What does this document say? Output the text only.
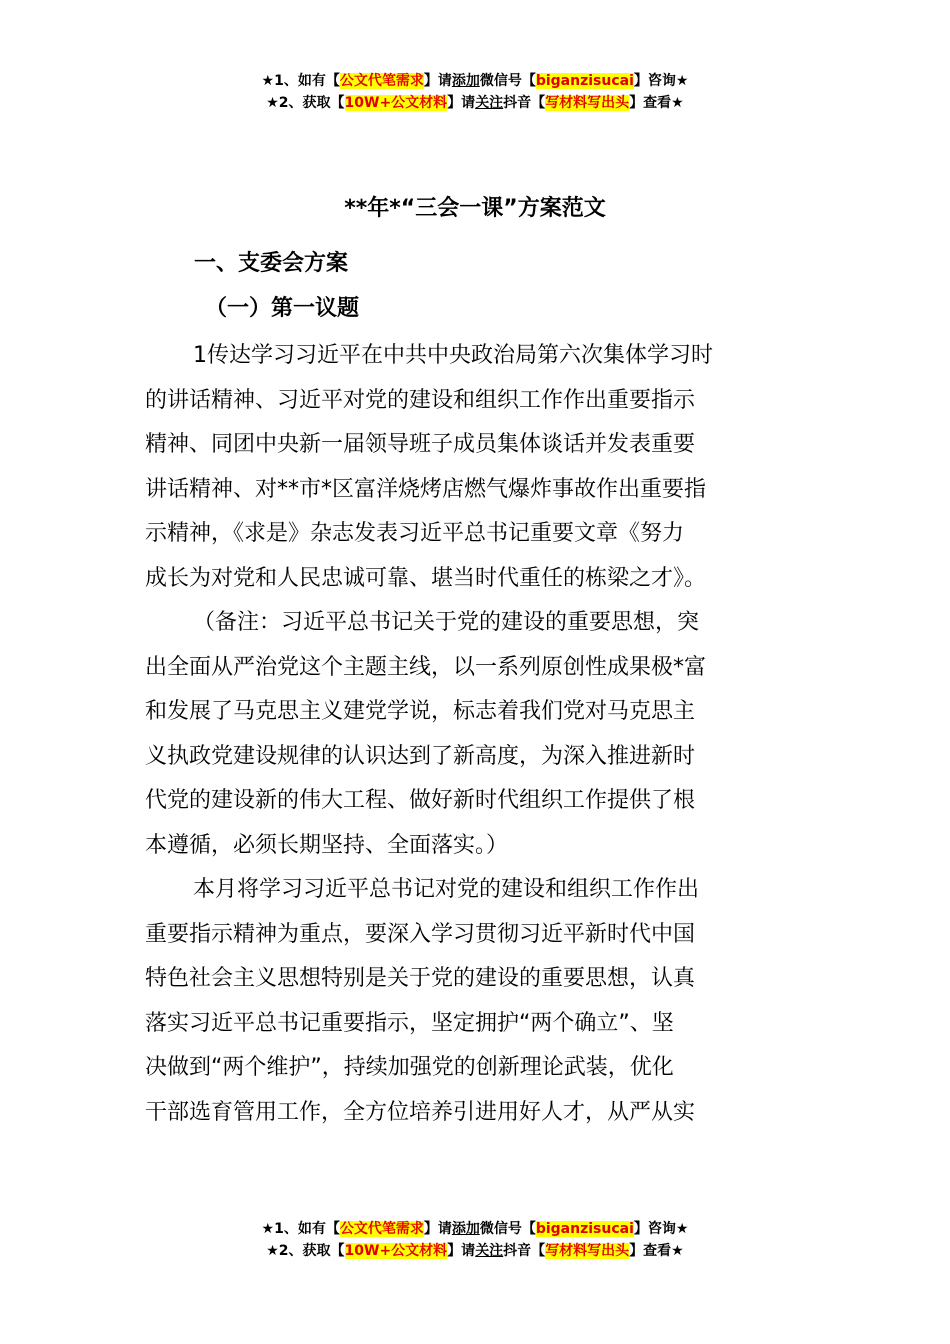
★1、如有【公文代笔需求】请添加微信号【biganzisucai】咨询★
★2、获取【10W+公文材料】请关注抖音【写材料写出头】查看★
**年*“三会一课”方案范文
一、支委会方案
（一）第一议题
1传达学习习近平在中共中央政治局第六次集体学习时
的讲话精神、习近平对党的建设和组织工作作出重要指示
精神、同团中央新一届领导班子成员集体谈话并发表重要
讲话精神、对**市*区富洋烧烤店燃气爆炸事故作出重要指
示精神，《求是》杂志发表习近平总书记重要文章《努力
成长为对党和人民忠诚可靠、堪当时代重任的栋梁之才》。
（备注：习近平总书记关于党的建设的重要思想，突
出全面从严治党这个主题主线，以一系列原创性成果极*富
和发展了马克思主义建党学说，标志着我们党对马克思主
义执政党建设规律的认识达到了新高度，为深入推进新时
代党的建设新的伟大工程、做好新时代组织工作提供了根
本遵循，必须长期坚持、全面落实。）
本月将学习习近平总书记对党的建设和组织工作作出
重要指示精神为重点，要深入学习贯彻习近平新时代中国
特色社会主义思想特别是关于党的建设的重要思想，认真
落实习近平总书记重要指示，坚定拥护“两个确立”、坚
决做到“两个维护”，持续加强党的创新理论武装，优化
干部选育管用工作，全方位培养引进用好人才，从严从实
★1、如有【公文代笔需求】请添加微信号【biganzisucai】咨询★
★2、获取【10W+公文材料】请关注抖音【写材料写出头】查看★
